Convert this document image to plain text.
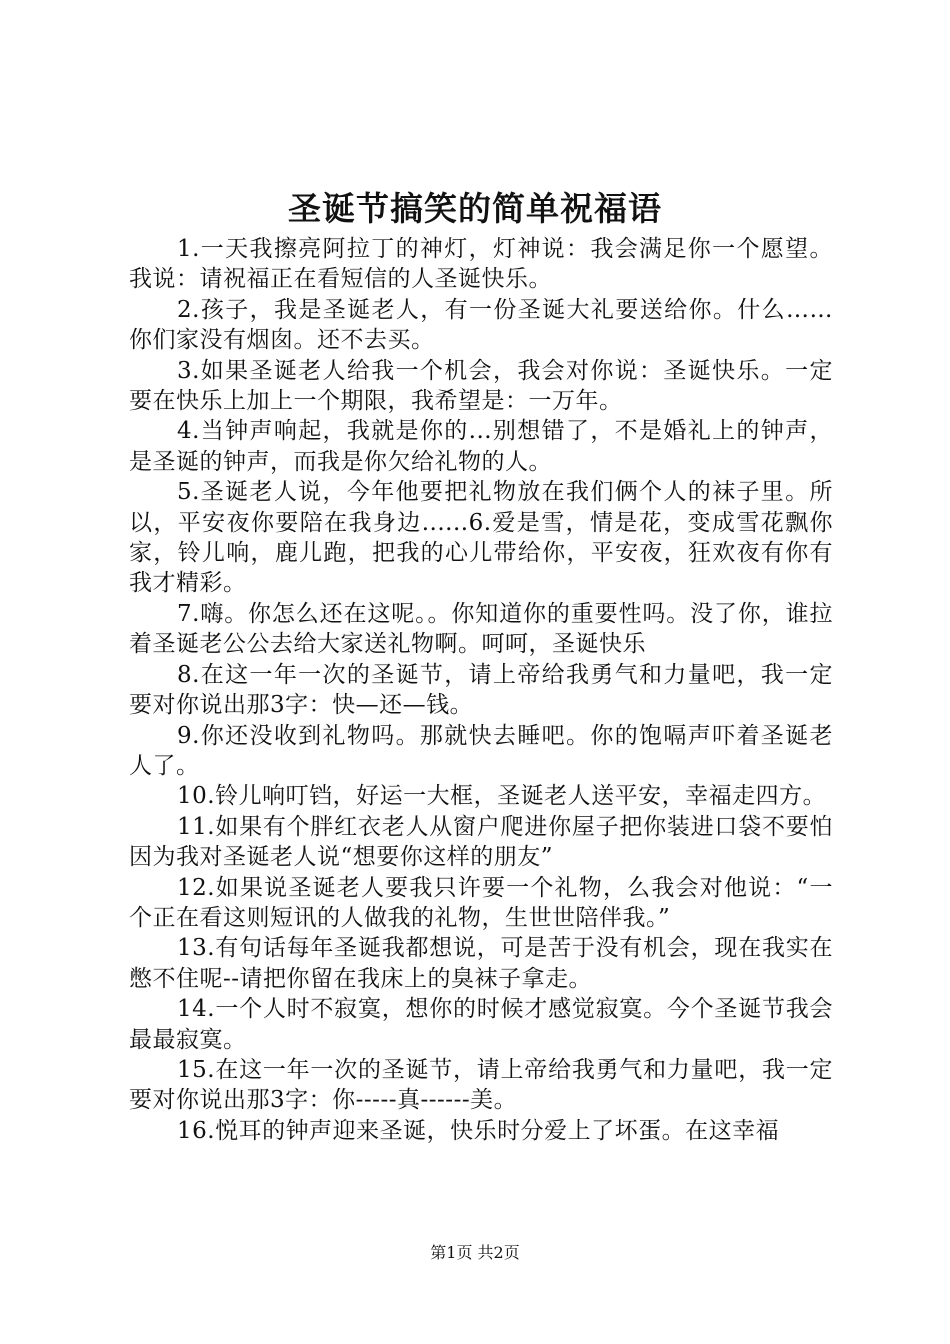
圣诞节搞笑的简单祝福语

1.一天我擦亮阿拉丁的神灯，灯神说：我会满足你一个愿望。我说：请祝福正在看短信的人圣诞快乐。

2.孩子，我是圣诞老人，有一份圣诞大礼要送给你。什么……你们家没有烟囱。还不去买。

3.如果圣诞老人给我一个机会，我会对你说：圣诞快乐。一定要在快乐上加上一个期限，我希望是：一万年。

4.当钟声响起，我就是你的...别想错了，不是婚礼上的钟声，是圣诞的钟声，而我是你欠给礼物的人。

5.圣诞老人说，今年他要把礼物放在我们俩个人的袜子里。所以，平安夜你要陪在我身边......6.爱是雪，情是花，变成雪花飘你家，铃儿响，鹿儿跑，把我的心儿带给你，平安夜，狂欢夜有你有我才精彩。

7.嗨。你怎么还在这呢。。你知道你的重要性吗。没了你，谁拉着圣诞老公公去给大家送礼物啊。呵呵，圣诞快乐

8.在这一年一次的圣诞节，请上帝给我勇气和力量吧，我一定要对你说出那3字：快—还—钱。

9.你还没收到礼物吗。那就快去睡吧。你的饱嗝声吓着圣诞老人了。

10.铃儿响叮铛，好运一大框，圣诞老人送平安，幸福走四方。

11.如果有个胖红衣老人从窗户爬进你屋子把你装进口袋不要怕因为我对圣诞老人说“想要你这样的朋友”

12.如果说圣诞老人要我只许要一个礼物，么我会对他说：“一个正在看这则短讯的人做我的礼物，生世世陪伴我。”

13.有句话每年圣诞我都想说，可是苦于没有机会，现在我实在憋不住呢--请把你留在我床上的臭袜子拿走。

14.一个人时不寂寞，想你的时候才感觉寂寞。今个圣诞节我会最最寂寞。

15.在这一年一次的圣诞节，请上帝给我勇气和力量吧，我一定要对你说出那3字：你-----真------美。

16.悦耳的钟声迎来圣诞，快乐时分爱上了坏蛋。在这幸福

第1页 共2页
